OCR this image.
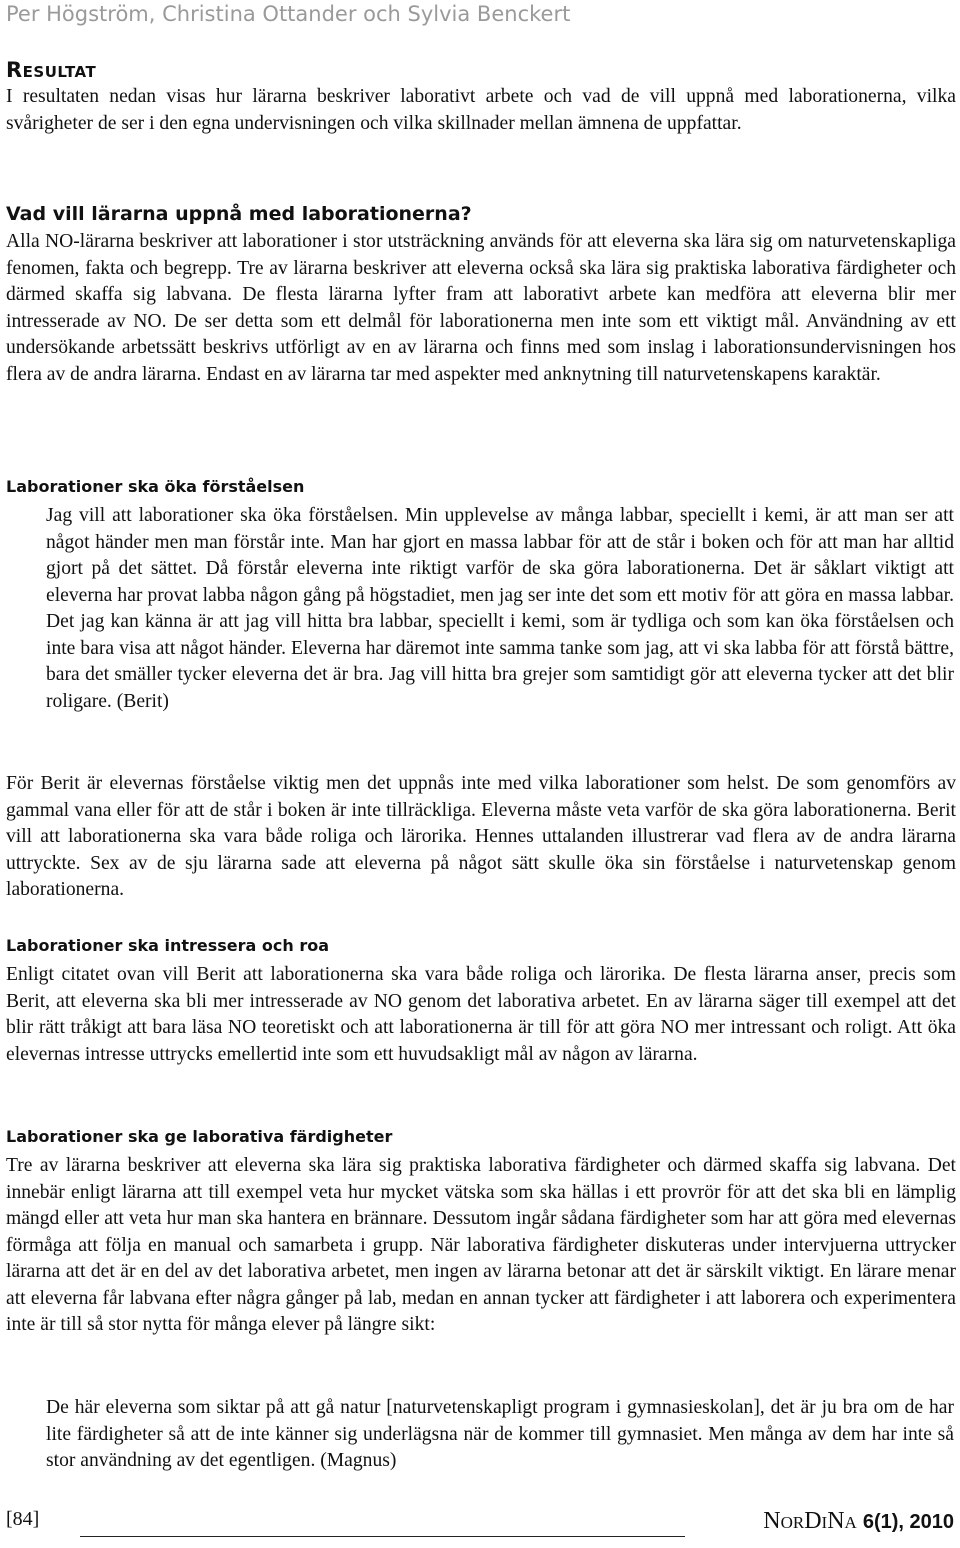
Per Högström, Christina Ottander och Sylvia Benckert
Resultat

I resultaten nedan visas hur lärarna beskriver laborativt arbete och vad de vill uppnå med laborationerna, vilka svårigheter de ser i den egna undervisningen och vilka skillnader mellan ämnena de uppfattar.

Vad vill lärarna uppnå med laborationerna?

Alla NO-lärarna beskriver att laborationer i stor utsträckning används för att eleverna ska lära sig om naturvetenskapliga fenomen, fakta och begrepp. Tre av lärarna beskriver att eleverna också ska lära sig praktiska laborativa färdigheter och därmed skaffa sig labvana. De flesta lärarna lyfter fram att laborativt arbete kan medföra att eleverna blir mer intresserade av NO. De ser detta som ett delmål för laborationerna men inte som ett viktigt mål. Användning av ett undersökande arbetssätt beskrivs utförligt av en av lärarna och finns med som inslag i laborationsundervisningen hos flera av de andra lärarna. Endast en av lärarna tar med aspekter med anknytning till naturvetenskapens karaktär.

Laborationer ska öka förståelsen

Jag vill att laborationer ska öka förståelsen. Min upplevelse av många labbar, speciellt i kemi, är att man ser att något händer men man förstår inte. Man har gjort en massa labbar för att de står i boken och för att man har alltid gjort på det sättet. Då förstår eleverna inte riktigt varför de ska göra laborationerna. Det är såklart viktigt att eleverna har provat labba någon gång på högstadiet, men jag ser inte det som ett motiv för att göra en massa labbar. Det jag kan känna är att jag vill hitta bra labbar, speciellt i kemi, som är tydliga och som kan öka förståelsen och inte bara visa att något händer. Eleverna har däremot inte samma tanke som jag, att vi ska labba för att förstå bättre, bara det smäller tycker eleverna det är bra. Jag vill hitta bra grejer som samtidigt gör att eleverna tycker att det blir roligare. (Berit)

För Berit är elevernas förståelse viktig men det uppnås inte med vilka laborationer som helst. De som genomförs av gammal vana eller för att de står i boken är inte tillräckliga. Eleverna måste veta varför de ska göra laborationerna. Berit vill att laborationerna ska vara både roliga och lärorika. Hennes uttalanden illustrerar vad flera av de andra lärarna uttryckte. Sex av de sju lärarna sade att eleverna på något sätt skulle öka sin förståelse i naturvetenskap genom laborationerna.

Laborationer ska intressera och roa

Enligt citatet ovan vill Berit att laborationerna ska vara både roliga och lärorika. De flesta lärarna anser, precis som Berit, att eleverna ska bli mer intresserade av NO genom det laborativa arbetet. En av lärarna säger till exempel att det blir rätt tråkigt att bara läsa NO teoretiskt och att laborationerna är till för att göra NO mer intressant och roligt. Att öka elevernas intresse uttrycks emellertid inte som ett huvudsakligt mål av någon av lärarna.

Laborationer ska ge laborativa färdigheter

Tre av lärarna beskriver att eleverna ska lära sig praktiska laborativa färdigheter och därmed skaffa sig labvana. Det innebär enligt lärarna att till exempel veta hur mycket vätska som ska hällas i ett provrör för att det ska bli en lämplig mängd eller att veta hur man ska hantera en brännare. Dessutom ingår sådana färdigheter som har att göra med elevernas förmåga att följa en manual och samarbeta i grupp. När laborativa färdigheter diskuteras under intervjuerna uttrycker lärarna att det är en del av det laborativa arbetet, men ingen av lärarna betonar att det är särskilt viktigt. En lärare menar att eleverna får labvana efter några gånger på lab, medan en annan tycker att färdigheter i att laborera och experimentera inte är till så stor nytta för många elever på längre sikt:

De här eleverna som siktar på att gå natur [naturvetenskapligt program i gymnasieskolan], det är ju bra om de har lite färdigheter så att de inte känner sig underlägsna när de kommer till gymnasiet. Men många av dem har inte så stor användning av det egentligen. (Magnus)

[84]	NorDiNa 6(1), 2010
